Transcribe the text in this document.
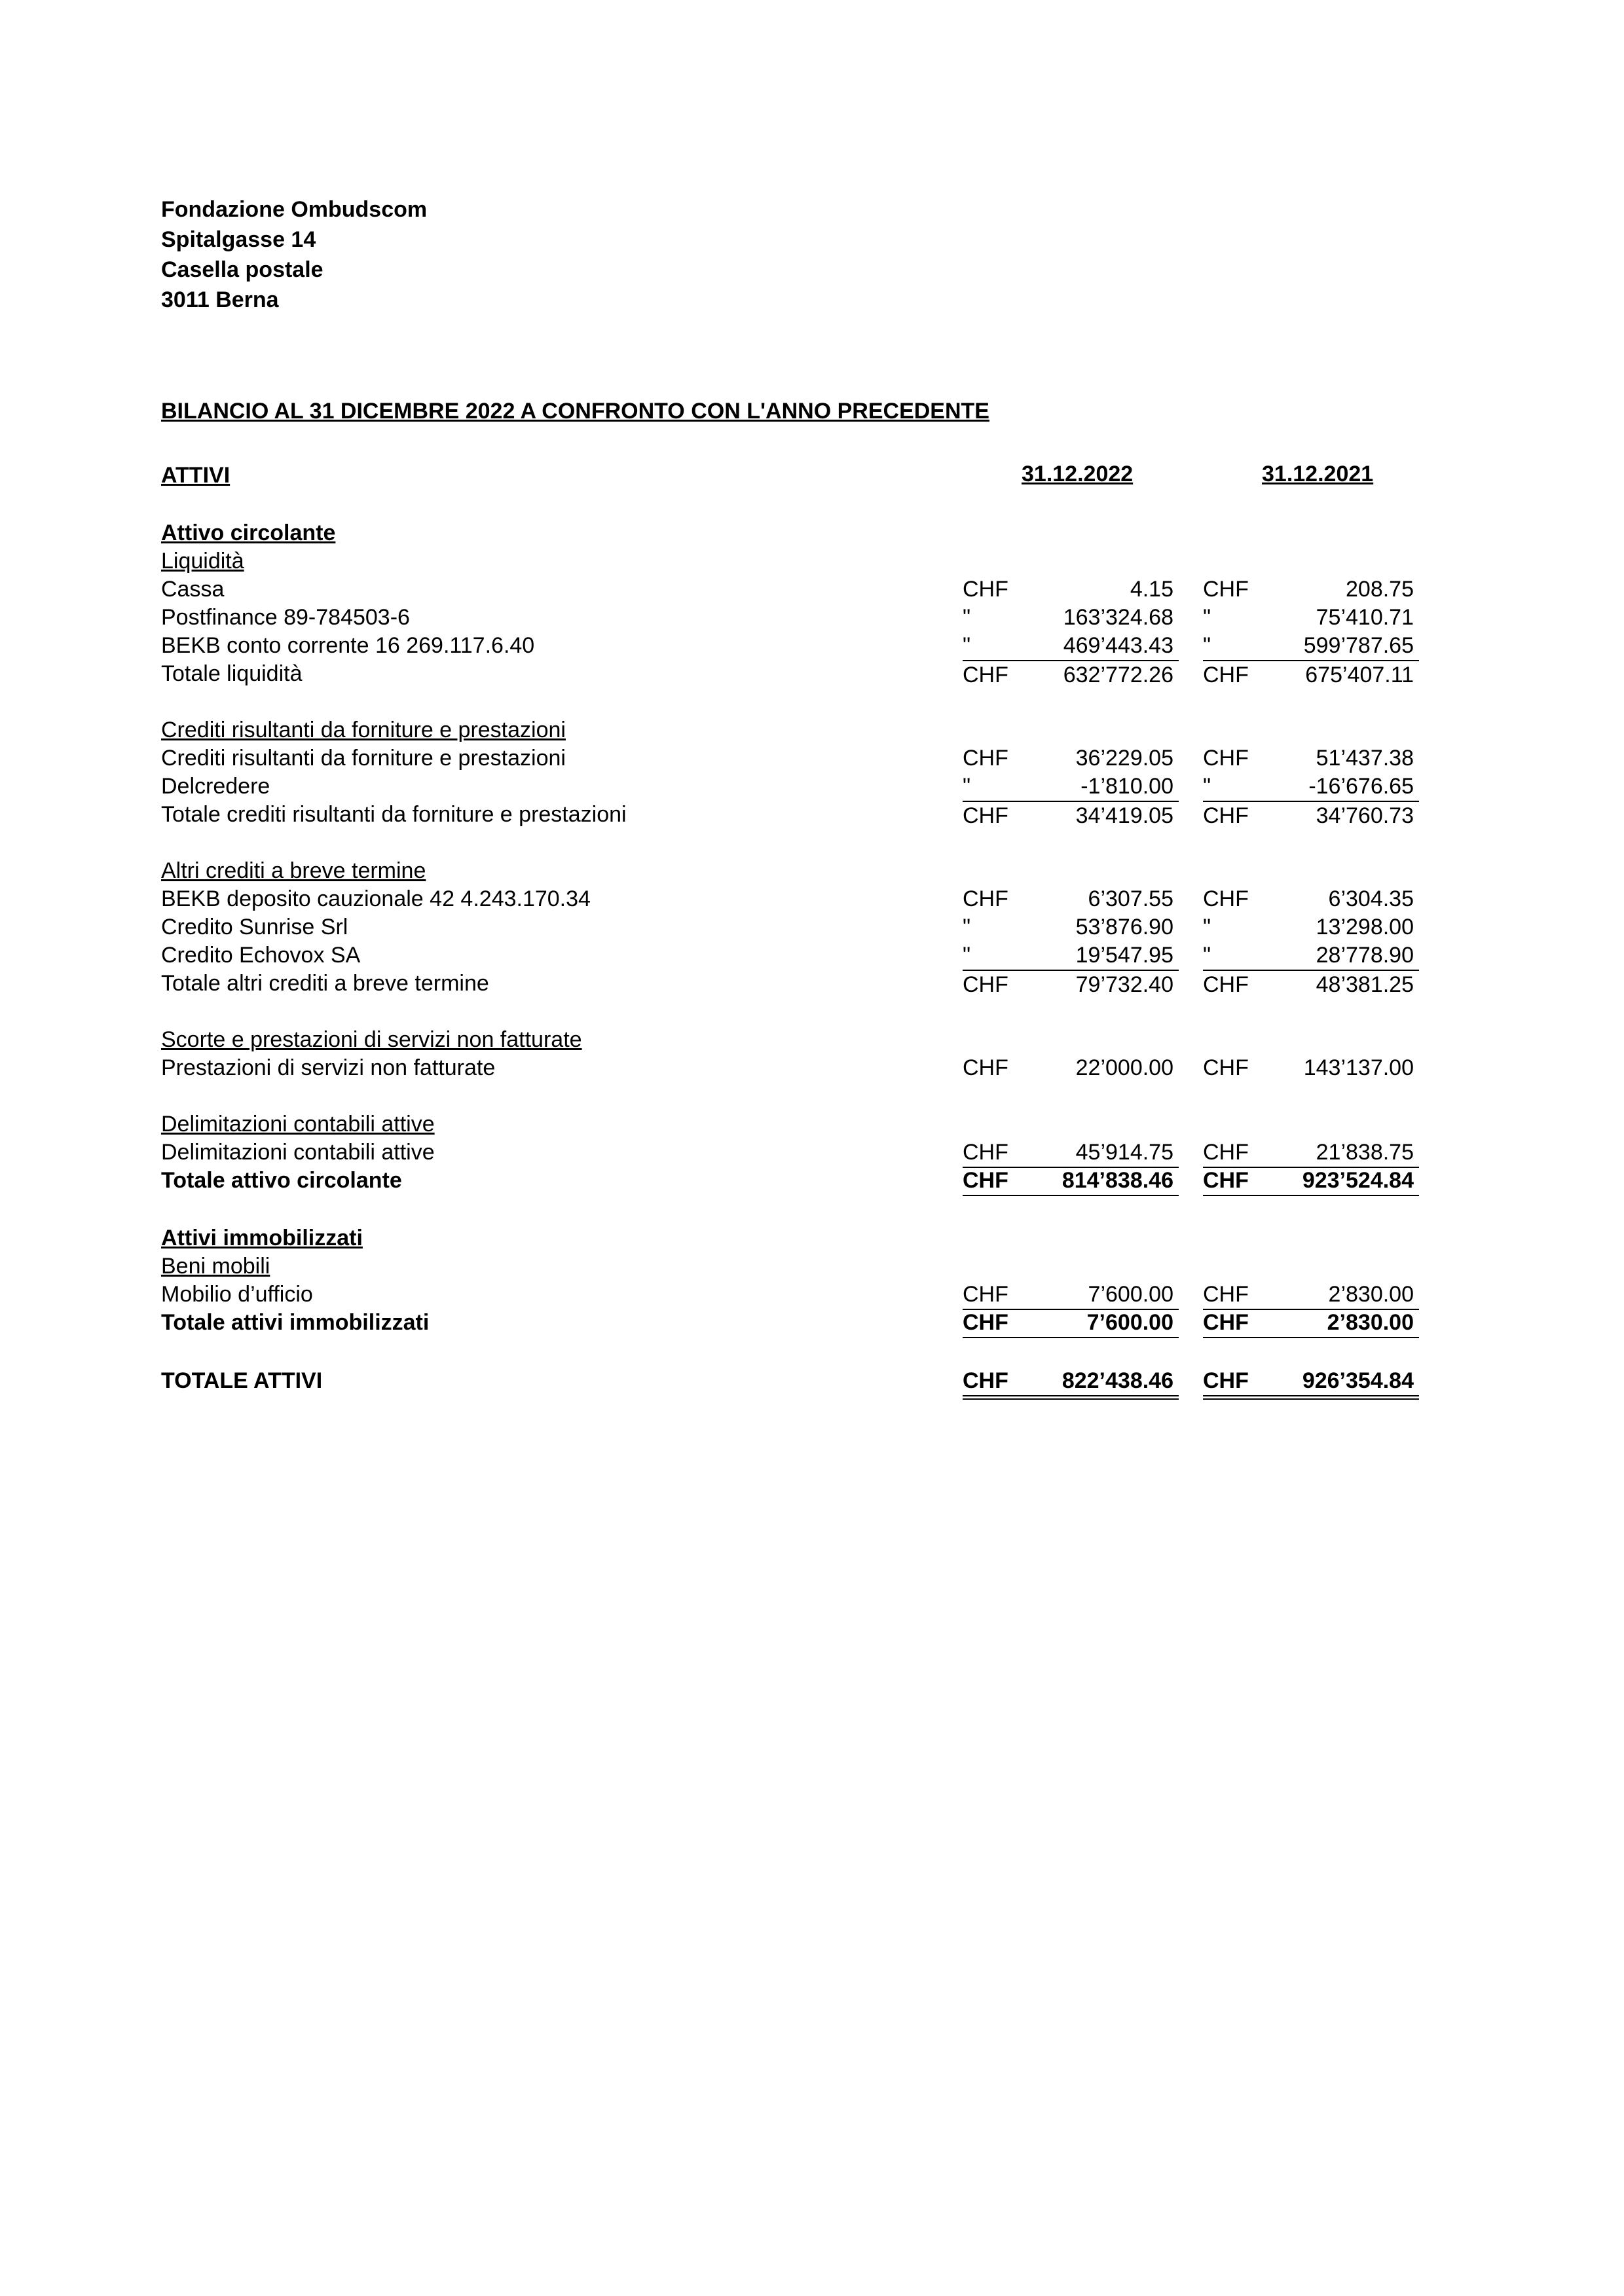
Fondazione Ombudscom
Spitalgasse 14
Casella postale
3011 Berna
BILANCIO AL 31 DICEMBRE 2022 A CONFRONTO CON L'ANNO PRECEDENTE
ATTIVI	31.12.2022	31.12.2021
Attivo circolante
Liquidità
Cassa	CHF	4.15 CHF	208.75
Postfinance 89-784503-6	"	163’324.68 "	75’410.71
BEKB conto corrente 16 269.117.6.40	"	469’443.43 "	599’787.65
Totale liquidità	CHF 632’772.26 CHF	675’407.11
Crediti risultanti da forniture e prestazioni
Crediti risultanti da forniture e prestazioni	CHF	36’229.05 CHF	51’437.38
Delcredere	"	-1’810.00 "	-16’676.65
Totale crediti risultanti da forniture e prestazioni	CHF	34’419.05 CHF	34’760.73
Altri crediti a breve termine
BEKB deposito cauzionale 42 4.243.170.34	CHF	6’307.55 CHF	6’304.35
Credito Sunrise Srl	"	53’876.90 "	13’298.00
Credito Echovox SA	"	19’547.95 "	28’778.90
Totale altri crediti a breve termine	CHF	79’732.40 CHF	48’381.25
Scorte e prestazioni di servizi non fatturate
Prestazioni di servizi non fatturate	CHF	22’000.00 CHF 143’137.00
Delimitazioni contabili attive
Delimitazioni contabili attive	CHF	45’914.75 CHF	21’838.75
Totale attivo circolante	CHF 814’838.46 CHF 923’524.84
Attivi immobilizzati
Beni mobili
Mobilio d’ufficio	CHF	7’600.00 CHF	2’830.00
Totale attivi immobilizzati	CHF	7’600.00 CHF	2’830.00
TOTALE ATTIVI	CHF 822’438.46 CHF 926’354.84
